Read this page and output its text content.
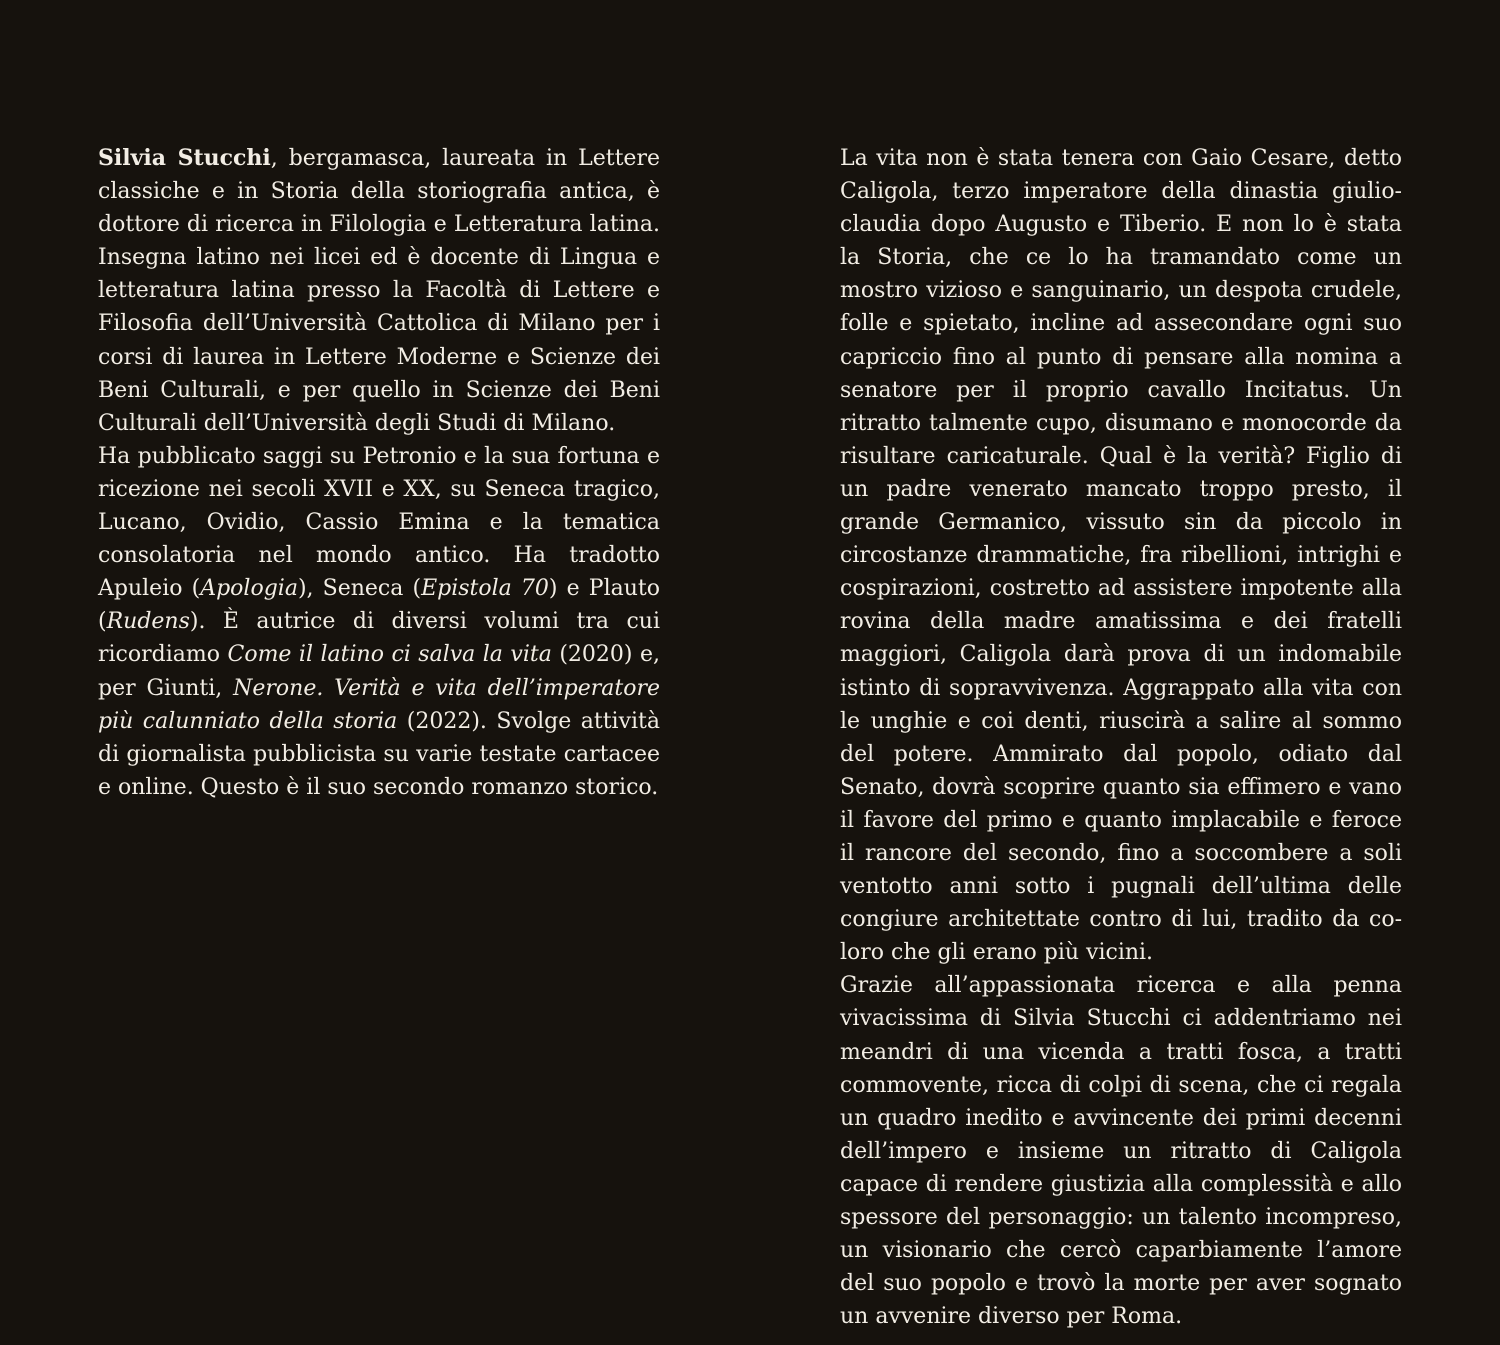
Silvia Stucchi, bergamasca, laureata in Lettere classiche e in Storia della storiografia antica, è dottore di ricerca in Filologia e Letteratura latina. Insegna latino nei licei ed è docente di Lingua e letteratura latina presso la Facoltà di Lettere e Filosofia dell’Università Cattolica di Milano per i corsi di laurea in Lettere Moderne e Scienze dei Beni Culturali, e per quello in Scienze dei Beni Culturali dell’Università degli Studi di Milano.

Ha pubblicato saggi su Petronio e la sua fortuna e ricezione nei secoli XVII e XX, su Seneca tragico, Lucano, Ovidio, Cassio Emina e la tematica consolatoria nel mondo antico. Ha tradotto Apuleio (Apologia), Seneca (Epistola 70) e Plauto (Rudens). È autrice di diversi volumi tra cui ricordiamo Come il latino ci salva la vita (2020) e, per Giunti, Nerone. Verità e vita dell’imperatore più calunniato della storia (2022). Svolge attività di giornalista pubblicista su varie testate cartacee e online. Questo è il suo secondo romanzo storico.

La vita non è stata tenera con Gaio Cesare, detto Caligola, terzo imperatore della dinastia giulio-claudia dopo Augusto e Tiberio. E non lo è stata la Storia, che ce lo ha tramandato come un mostro vizioso e sanguinario, un despota crudele, folle e spietato, incline ad assecondare ogni suo capriccio fino al punto di pensare alla nomina a senatore per il proprio cavallo Incitatus. Un ritratto talmente cupo, disumano e monocorde da risultare caricaturale. Qual è la verità? Figlio di un padre venerato mancato troppo presto, il grande Germanico, vissuto sin da piccolo in circostanze drammatiche, fra ribellioni, intrighi e cospirazioni, costretto ad assistere impotente alla rovina della madre amatissima e dei fratelli maggiori, Caligola darà prova di un indomabile istinto di sopravvivenza. Aggrappato alla vita con le unghie e coi denti, riuscirà a salire al sommo del potere. Ammirato dal popolo, odiato dal Senato, dovrà scoprire quanto sia effimero e vano il favore del primo e quanto implacabile e feroce il rancore del secondo, fino a soccombere a soli ventotto anni sotto i pugnali dell’ultima delle congiure architettate contro di lui, tradito da coloro che gli erano più vicini.

Grazie all’appassionata ricerca e alla penna vivacissima di Silvia Stucchi ci addentriamo nei meandri di una vicenda a tratti fosca, a tratti commovente, ricca di colpi di scena, che ci regala un quadro inedito e avvincente dei primi decenni dell’impero e insieme un ritratto di Caligola capace di rendere giustizia alla complessità e allo spessore del personaggio: un talento incompreso, un visionario che cercò caparbiamente l’amore del suo popolo e trovò la morte per aver sognato un avvenire diverso per Roma.
